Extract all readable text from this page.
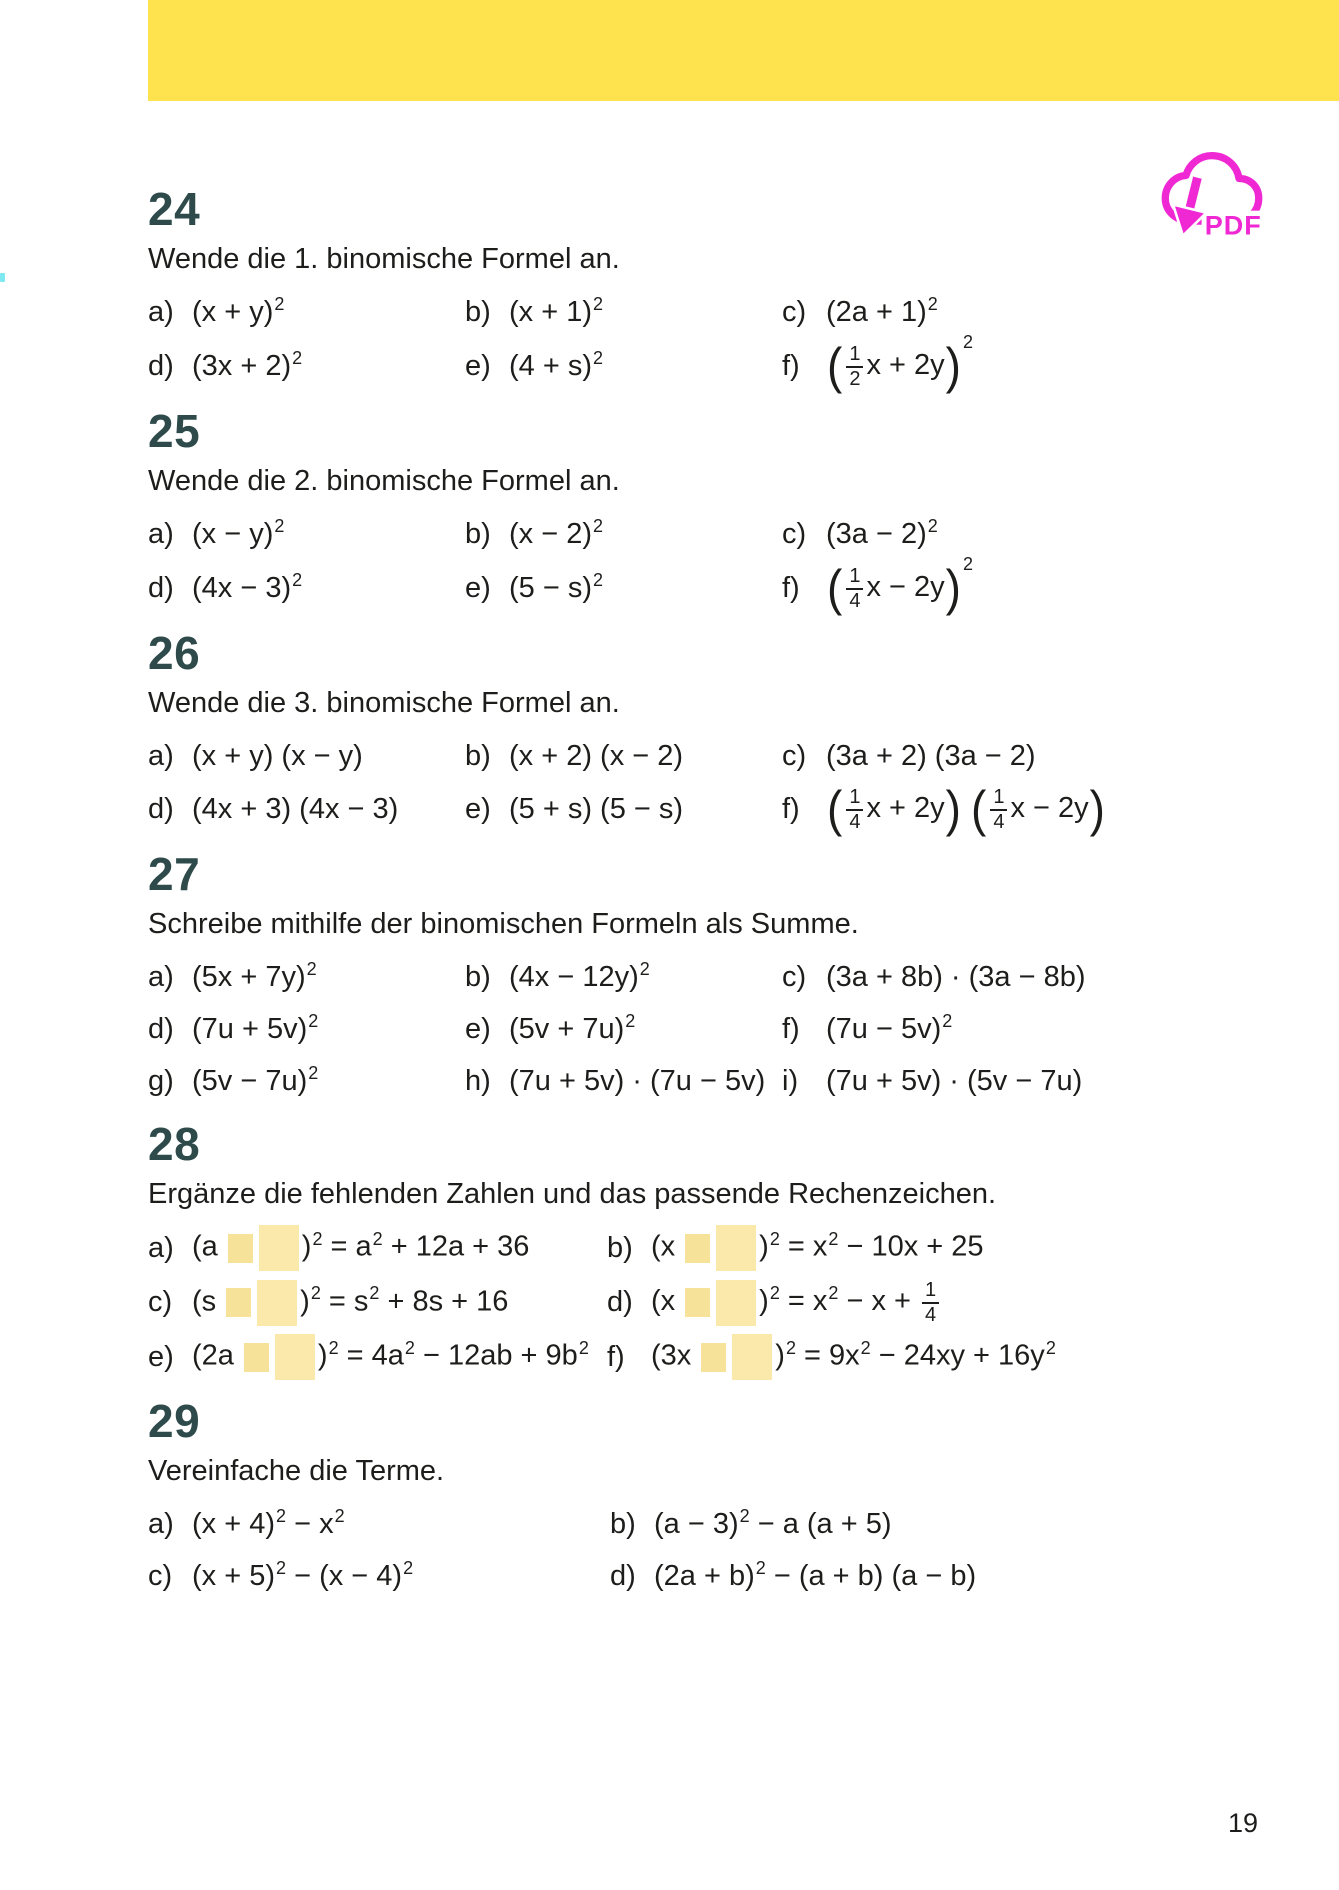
PDF
24

Wende die 1. binomische Formel an.

a) $(x + y)^2$	b) $(x + 1)^2$	c) $(2a + 1)^2$
d) $(3x + 2)^2$	e) $(4 + s)^2$	f) ( $\frac{1}{2}$ x + 2y) $^2$
25

Wende die 2. binomische Formel an.

a) $(x - y)^2$	b) $(x - 2)^2$	c) $(3a - 2)^2$
d) $(4x - 3)^2$	e) $(5 - s)^2$	f) ( $\frac{1}{4}$ x − 2y) $^2$
26

Wende die 3. binomische Formel an.

a) (x + y) (x − y)	b) (x + 2) (x − 2)	c) (3a + 2) (3a − 2)
d) (4x + 3) (4x − 3) e) (5 + s) (5 − s)	f) ( $\frac{1}{4}$ x + 2y) ( $\frac{1}{4}$ x − 2y)
27

Schreibe mithilfe der binomischen Formeln als Summe.

a) $(5x + 7y)^2$	b) $(4x - 12y)^2$	c) (3a + 8b) · (3a − 8b)
d) $(7u + 5v)^2$	e) $(5v + 7u)^2$	f) $(7u - 5v)^2$
g) $(5v - 7u)^2$	h) (7u + 5v) · (7u − 5v) i) (7u + 5v) · (5v − 7u)
28

Ergänze die fehlenden Zahlen und das passende Rechenzeichen.

a) (a	)$^2 = a^2 + 12a + 36$	b) (x	)$^2 = x^2 - 10x + 25$
c) (s	)$^2 = s^2 + 8s + 16$	d) (x	)$^2 = x^2 - x + \frac{1}{4}$
e) (2a	)$^2 = 4a^2 - 12ab + 9b^2$ f) (3x	)$^2 = 9x^2 - 24xy + 16y^2$
29

Vereinfache die Terme.

a) $(x + 4)^2 - x^2$	b) $(a - 3)^2 - a$ (a + 5)
c) $(x + 5)^2 - (x - 4)^2$	d) $(2a + b)^2 - (a + b)$ (a − b)
19
